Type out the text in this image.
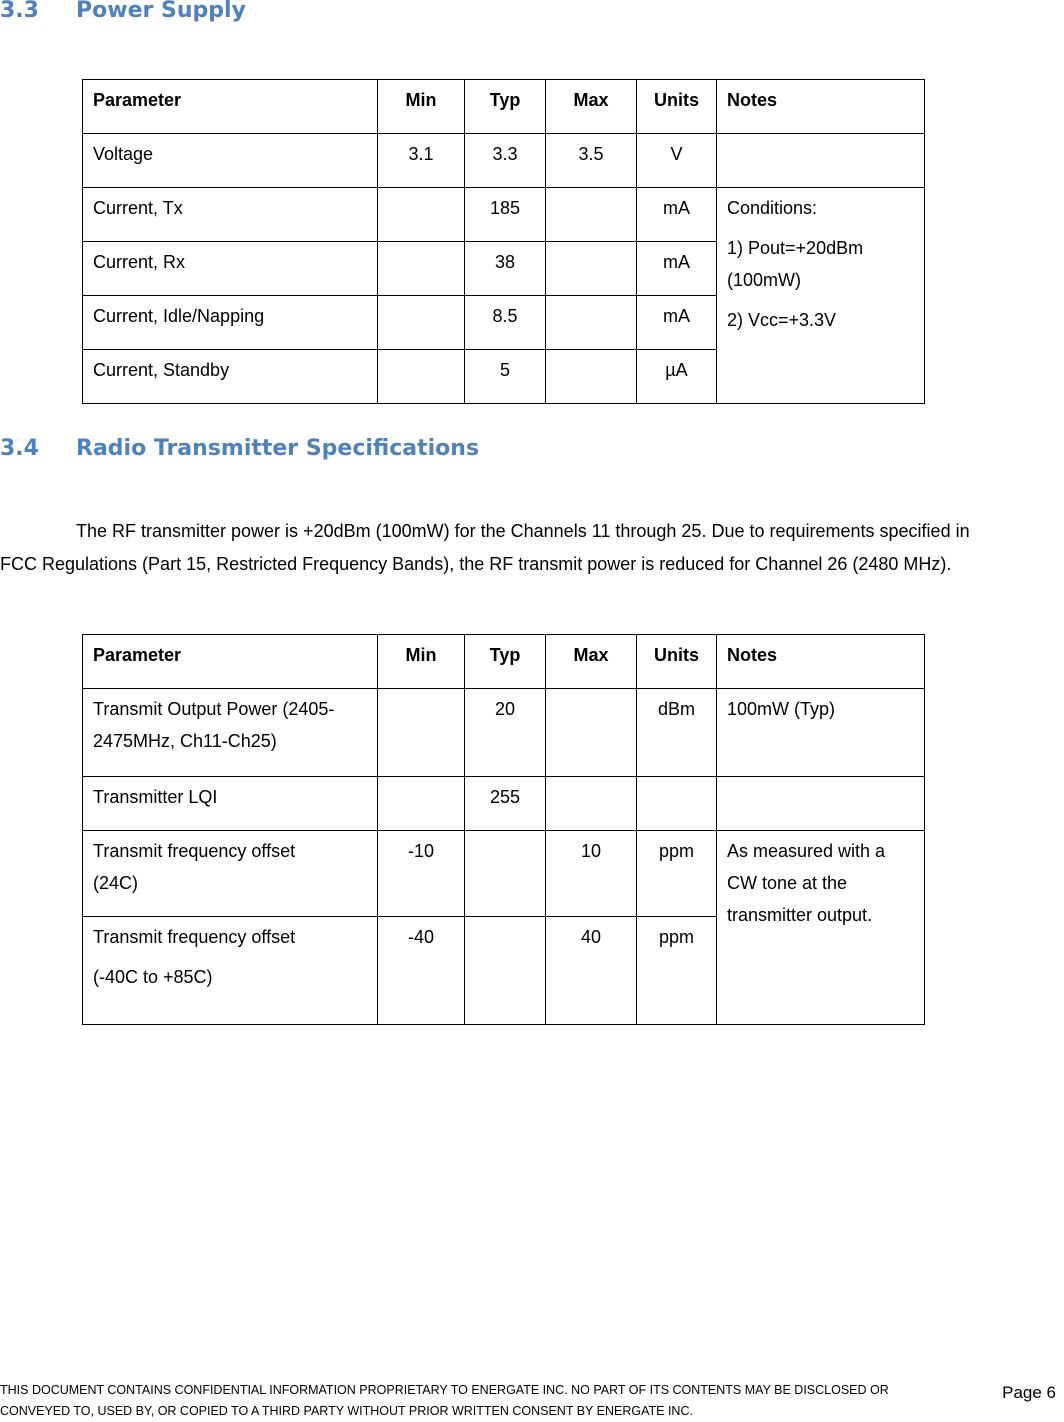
3.3 Power Supply
Parameter	Min	Typ	Max	Units	Notes
Voltage	3.1	3.3	3.5	V	
Current, Tx		185		mA	Conditions:

1) Pout=+20dBm (100mW)

2) Vcc=+3.3V

Current, Rx		38		mA	
Current, Idle/Napping		8.5		mA	
Current, Standby		5		µA	
3.4 Radio Transmitter Specifications

The RF transmitter power is +20dBm (100mW) for the Channels 11 through 25. Due to requirements specified in FCC Regulations (Part 15, Restricted Frequency Bands), the RF transmit power is reduced for Channel 26 (2480 MHz).

Parameter	Min	Typ	Max	Units	Notes
Transmit Output Power (2405-2475MHz, Ch11-Ch25)		20		dBm	100mW (Typ)
Transmitter LQI		255			

Transmit frequency offset

(24C)	-10		10	ppm	As measured with a CW tone at the transmitter output.

Transmit frequency offset

(-40C to +85C)	-40		40	ppm	
THIS DOCUMENT CONTAINS CONFIDENTIAL INFORMATION PROPRIETARY TO ENERGATE INC. NO PART OF ITS CONTENTS MAY BE DISCLOSED OR CONVEYED TO, USED BY, OR COPIED TO A THIRD PARTY WITHOUT PRIOR WRITTEN CONSENT BY ENERGATE INC.
Page 6
